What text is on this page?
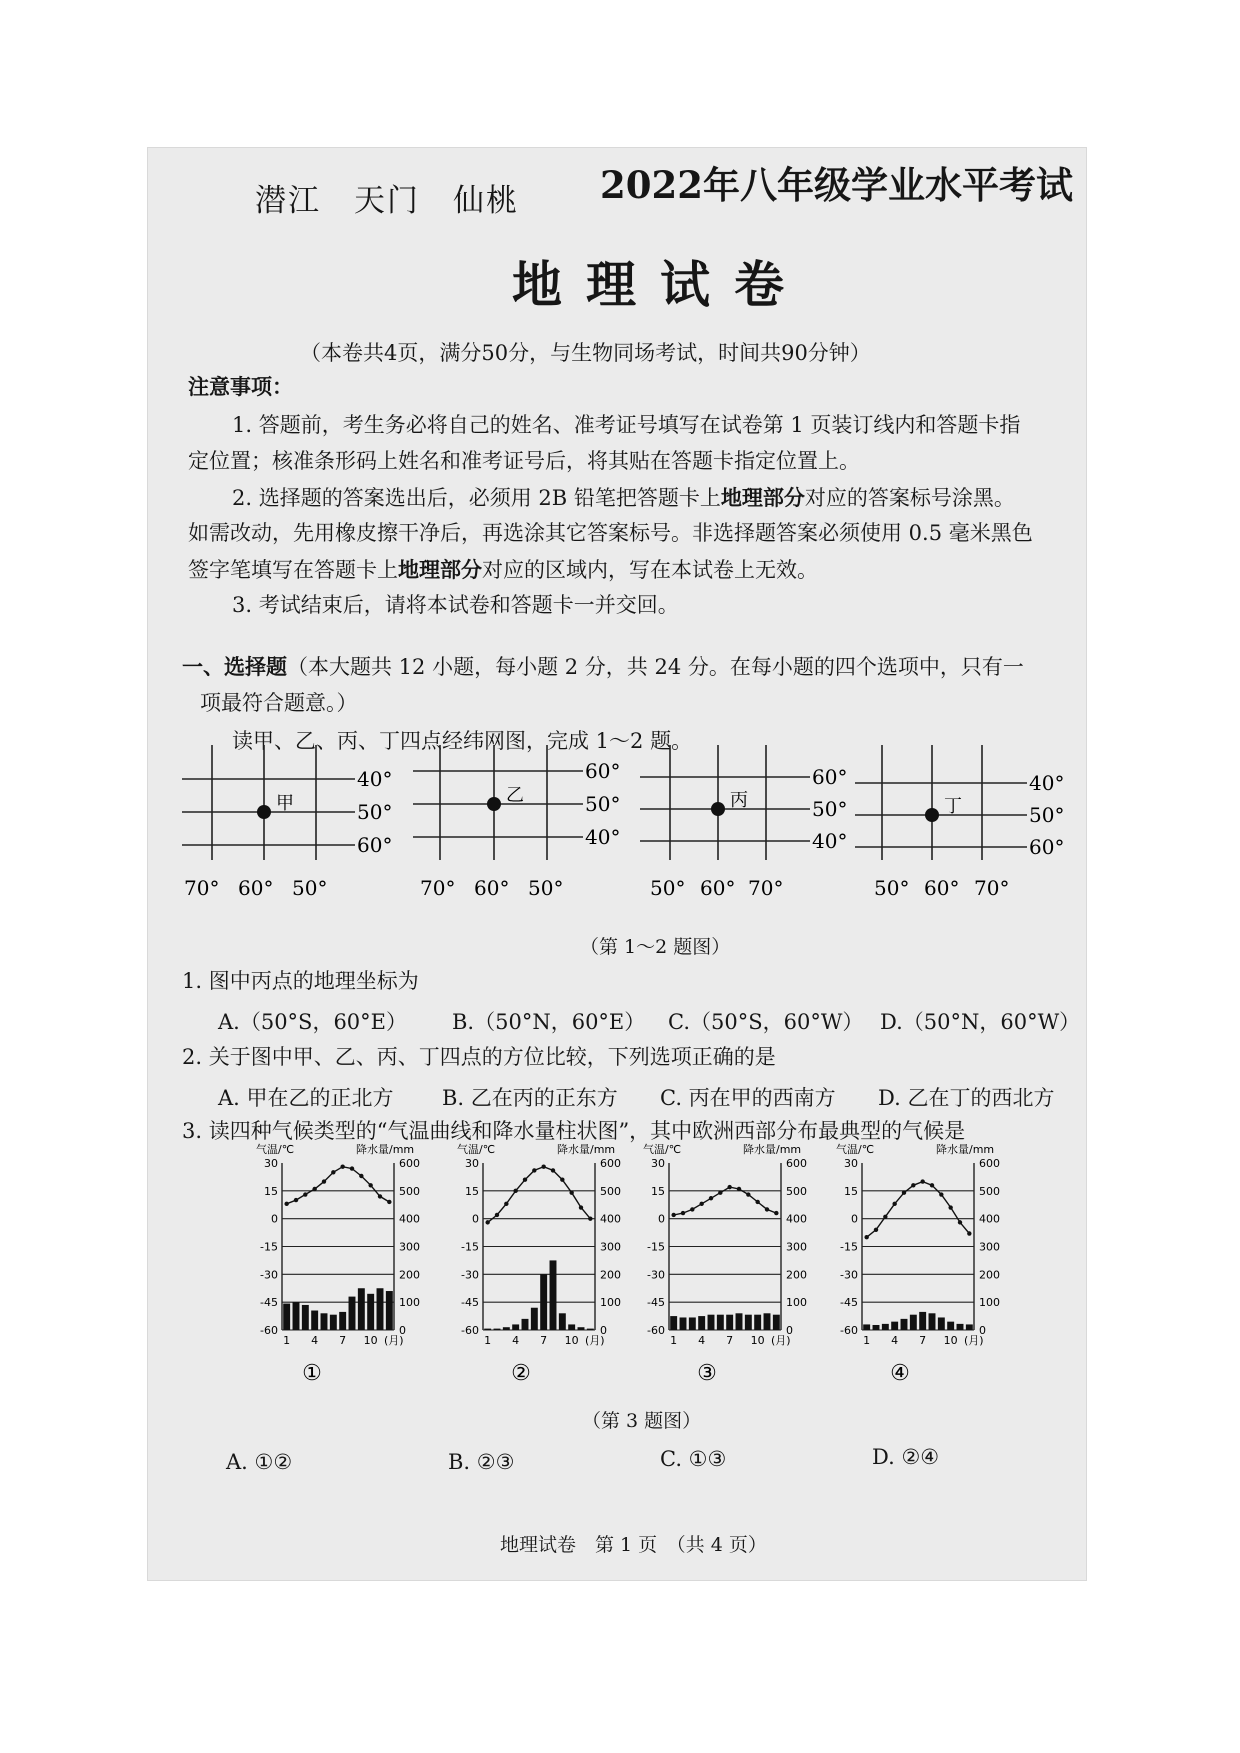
潜江　天门　仙桃 2022年八年级学业水平考试
地理试卷
（本卷共4页，满分50分，与生物同场考试，时间共90分钟）
注意事项：
1. 答题前，考生务必将自己的姓名、准考证号填写在试卷第 1 页装订线内和答题卡指
定位置；核准条形码上姓名和准考证号后，将其贴在答题卡指定位置上。
2. 选择题的答案选出后，必须用 2B 铅笔把答题卡上地理部分对应的答案标号涂黑。
如需改动，先用橡皮擦干净后，再选涂其它答案标号。非选择题答案必须使用 0.5 毫米黑色
签字笔填写在答题卡上地理部分对应的区域内，写在本试卷上无效。
3. 考试结束后，请将本试卷和答题卡一并交回。
一、选择题（本大题共 12 小题，每小题 2 分，共 24 分。在每小题的四个选项中，只有一
项最符合题意。）
读甲、乙、丙、丁四点经纬网图，完成 1～2 题。
40°
50°
60°
70° 60° 50°
甲
60°
50°
40°
70° 60° 50°
乙
60°
50°
40°
50° 60° 70°
丙
40°
50°
60°
50° 60° 70°
丁
（第 1～2 题图）
1. 图中丙点的地理坐标为
A.（50°S，60°E） B.（50°N，60°E） C.（50°S，60°W） D.（50°N，60°W）
2. 关于图中甲、乙、丙、丁四点的方位比较，下列选项正确的是
A. 甲在乙的正北方 B. 乙在丙的正东方 C. 丙在甲的西南方 D. 乙在丁的西北方
3. 读四种气候类型的“气温曲线和降水量柱状图”，其中欧洲西部分布最典型的气候是
气温/℃	降水量/mm
30	600
15	500
0	400
-15	300
-30	200
-45	100
-60	0
1 4 7 10 (月)
①
气温/℃	降水量/mm
30	600
15	500
0	400
-15	300
-30	200
-45	100
-60	0
1 4 7 10 (月)
②
气温/℃	降水量/mm
30	600
15	500
0	400
-15	300
-30	200
-45	100
-60	0
1 4 7 10 (月)
③
气温/℃	降水量/mm
30	600
15	500
0	400
-15	300
-30	200
-45	100
-60	0
1 4 7 10 (月)
④
（第 3 题图）
A. ①②	B. ②③	C. ①③	D. ②④
地理试卷　第 1 页　（共 4 页）
